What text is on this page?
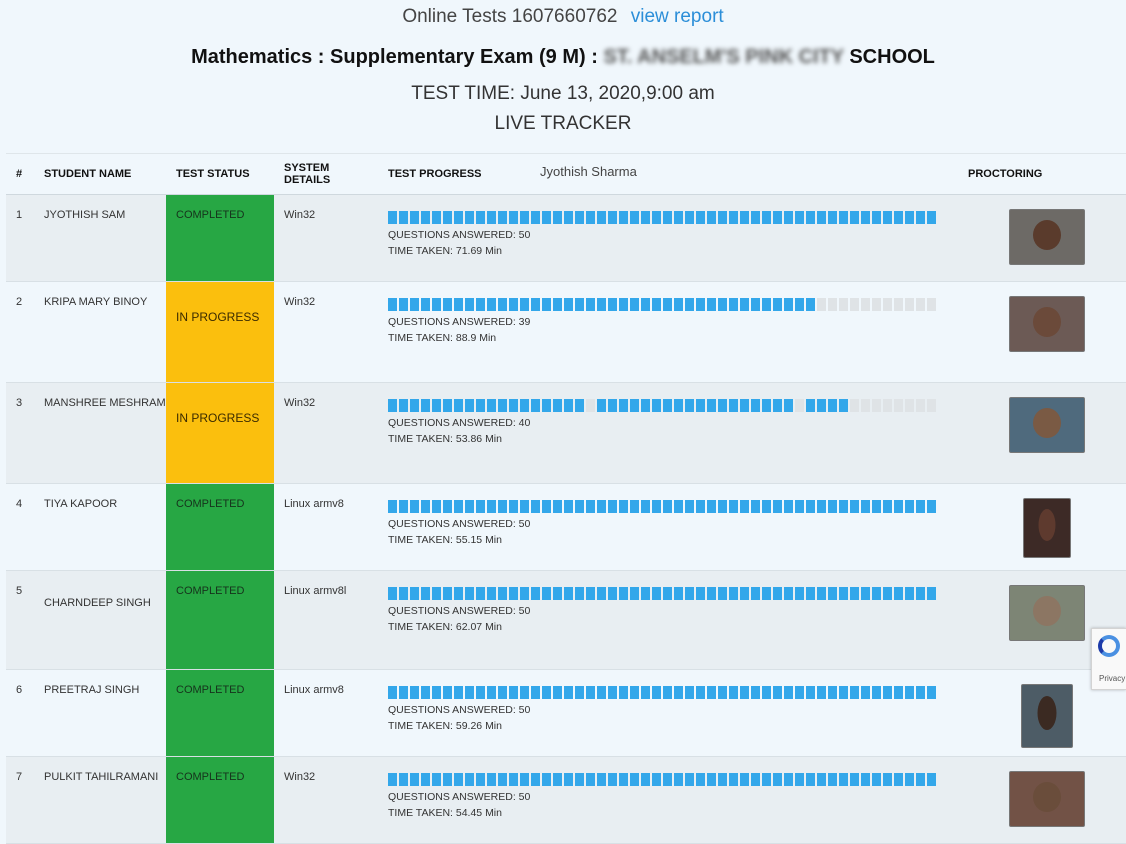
Online Tests 1607660762 view report
Mathematics : Supplementary Exam (9 M) : ST. ANSELM'S PINK CITY SCHOOL
TEST TIME: June 13, 2020,9:00 am
LIVE TRACKER
#	STUDENT NAME	TEST STATUS	SYSTEM DETAILS	TEST PROGRESS Jyothish Sharma	PROCTORING
1	JYOTHISH SAM	COMPLETED	Win32	QUESTIONS ANSWERED: 50
TIME TAKEN: 71.69 Min	

2	KRIPA MARY BINOY	IN PROGRESS	Win32	QUESTIONS ANSWERED: 39
TIME TAKEN: 88.9 Min	

3	MANSHREE MESHRAM	IN PROGRESS	Win32	QUESTIONS ANSWERED: 40
TIME TAKEN: 53.86 Min	

4	TIYA KAPOOR	COMPLETED	Linux armv8	QUESTIONS ANSWERED: 50
TIME TAKEN: 55.15 Min	

5	CHARNDEEP SINGH	COMPLETED	Linux armv8l	QUESTIONS ANSWERED: 50
TIME TAKEN: 62.07 Min	

6	PREETRAJ SINGH	COMPLETED	Linux armv8	QUESTIONS ANSWERED: 50
TIME TAKEN: 59.26 Min	

7	PULKIT TAHILRAMANI	COMPLETED	Win32	QUESTIONS ANSWERED: 50
TIME TAKEN: 54.45 Min	

Privacy
